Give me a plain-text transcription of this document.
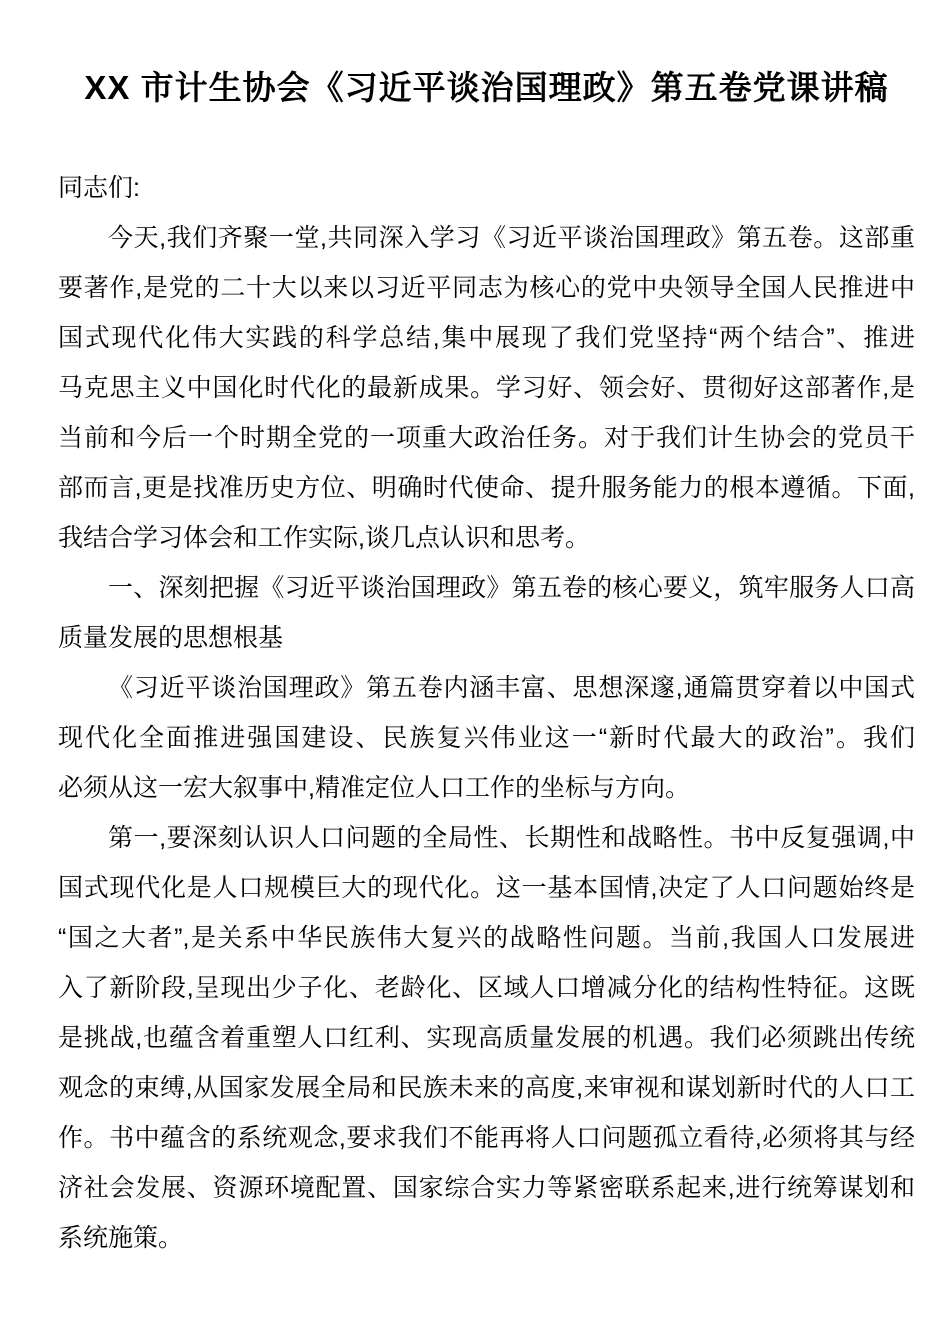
XX 市计生协会《习近平谈治国理政》第五卷党课讲稿
同志们:
今天,我们齐聚一堂,共同深入学习《习近平谈治国理政》第五卷。这部重
要著作,是党的二十大以来以习近平同志为核心的党中央领导全国人民推进中
国式现代化伟大实践的科学总结,集中展现了我们党坚持“两个结合”、推进
马克思主义中国化时代化的最新成果。学习好、领会好、贯彻好这部著作,是
当前和今后一个时期全党的一项重大政治任务。对于我们计生协会的党员干
部而言,更是找准历史方位、明确时代使命、提升服务能力的根本遵循。下面,
我结合学习体会和工作实际,谈几点认识和思考。
一、深刻把握《习近平谈治国理政》第五卷的核心要义，筑牢服务人口高
质量发展的思想根基
《习近平谈治国理政》第五卷内涵丰富、思想深邃,通篇贯穿着以中国式
现代化全面推进强国建设、民族复兴伟业这一“新时代最大的政治”。我们
必须从这一宏大叙事中,精准定位人口工作的坐标与方向。
第一,要深刻认识人口问题的全局性、长期性和战略性。书中反复强调,中
国式现代化是人口规模巨大的现代化。这一基本国情,决定了人口问题始终是
“国之大者”,是关系中华民族伟大复兴的战略性问题。当前,我国人口发展进
入了新阶段,呈现出少子化、老龄化、区域人口增减分化的结构性特征。这既
是挑战,也蕴含着重塑人口红利、实现高质量发展的机遇。我们必须跳出传统
观念的束缚,从国家发展全局和民族未来的高度,来审视和谋划新时代的人口工
作。书中蕴含的系统观念,要求我们不能再将人口问题孤立看待,必须将其与经
济社会发展、资源环境配置、国家综合实力等紧密联系起来,进行统筹谋划和
系统施策。
